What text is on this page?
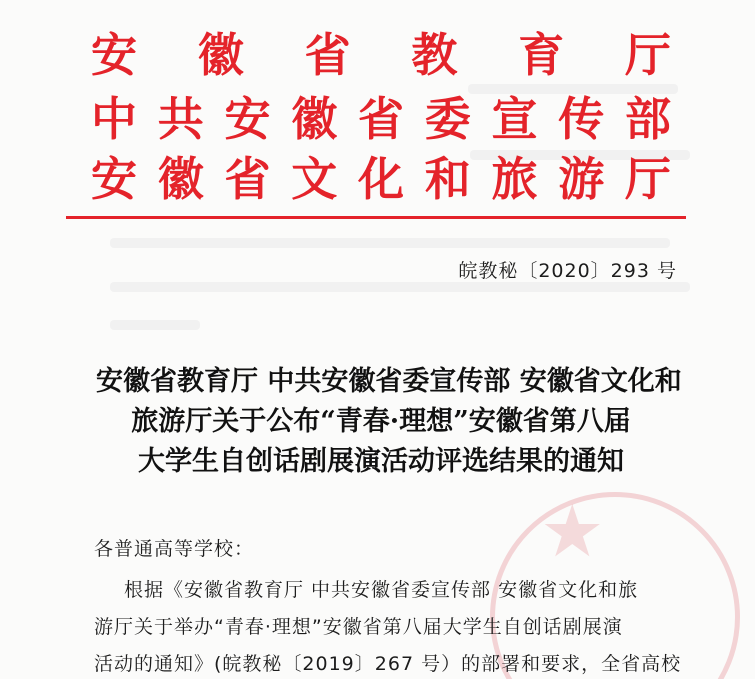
★
安 徽 省 教 育 厅
中 共 安 徽 省 委 宣 传 部
安 徽 省 文 化 和 旅 游 厅
皖教秘〔2020〕293 号
安徽省教育厅 中共安徽省委宣传部 安徽省文化和
旅游厅关于公布“青春·理想”安徽省第八届
大学生自创话剧展演活动评选结果的通知
各普通高等学校：
根据《安徽省教育厅 中共安徽省委宣传部 安徽省文化和旅
游厅关于举办“青春·理想”安徽省第八届大学生自创话剧展演
活动的通知》(皖教秘〔2019〕267 号）的部署和要求，全省高校
